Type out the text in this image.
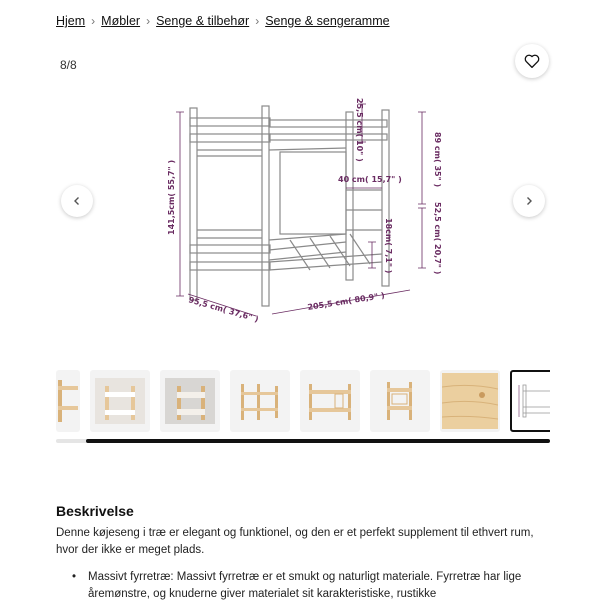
Hjem › Møbler › Senge & tilbehør › Senge & sengeramme
8/8
141,5cm( 55,7" )
25,5 cm( 10" )	89 cm( 35" )
40 cm( 15,7" )
52,5 cm( 20,7" )
18cm( 7,1" )
95,5 cm( 37,6" )	205,5 cm( 80,9" )
Beskrivelse

Denne køjeseng i træ er elegant og funktionel, og den er et perfekt supplement til ethvert rum, hvor der ikke er meget plads.

• Massivt fyrretræ: Massivt fyrretræ er et smukt og naturligt materiale. Fyrretræ har lige åremønstre, og knuderne giver materialet sit karakteristiske, rustikke
